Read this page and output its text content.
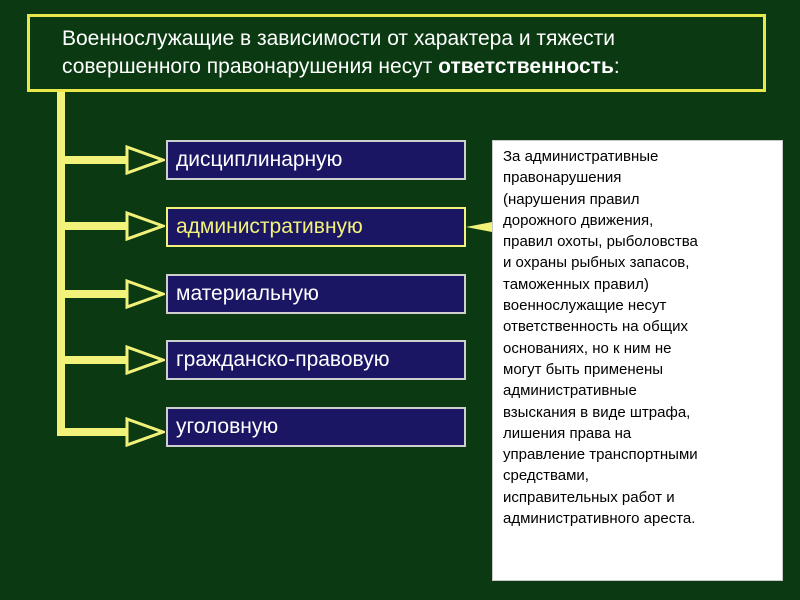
Военнослужащие в зависимости от характера и тяжести
совершенного правонарушения несут ответственность:
дисциплинарную
административную
материальную
гражданско-правовую
уголовную
За административные
правонарушения
(нарушения правил
дорожного движения,
правил охоты, рыболовства
и охраны рыбных запасов,
таможенных правил)
военнослужащие несут
ответственность на общих
основаниях, но к ним не
могут быть применены
административные
взыскания в виде штрафа,
лишения права на
управление транспортными
средствами,
исправительных работ и
административного ареста.
